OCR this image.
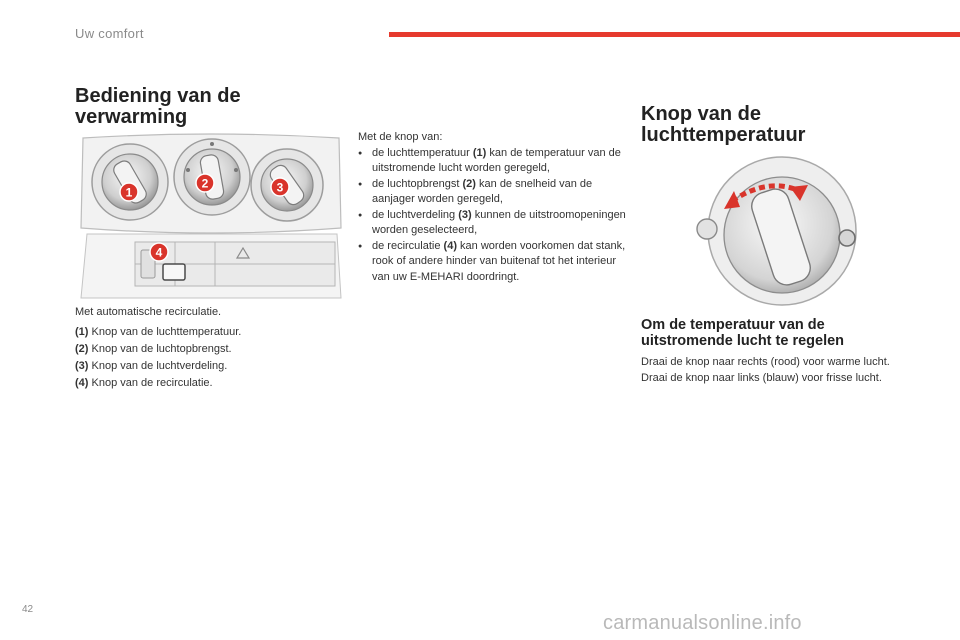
Uw comfort
Bediening van de
verwarming
1
2	3
4
Met automatische recirculatie.
(1) Knop van de luchttemperatuur.
(2) Knop van de luchtopbrengst.
(3) Knop van de luchtverdeling.
(4) Knop van de recirculatie.

Met de knop van:

● de luchttemperatuur (1) kan de temperatuur van de uitstromende lucht worden geregeld,
● de luchtopbrengst (2) kan de snelheid van de aanjager worden geregeld,
● de luchtverdeling (3) kunnen de uitstroomopeningen worden geselecteerd,
● de recirculatie (4) kan worden voorkomen dat stank, rook of andere hinder van buitenaf tot het interieur van uw E-MEHARI doordringt.
Knop van de
luchttemperatuur
Om de temperatuur van de
uitstromende lucht te regelen

Draai de knop naar rechts (rood) voor warme lucht.

Draai de knop naar links (blauw) voor frisse lucht.

42
carmanualsonline.info
